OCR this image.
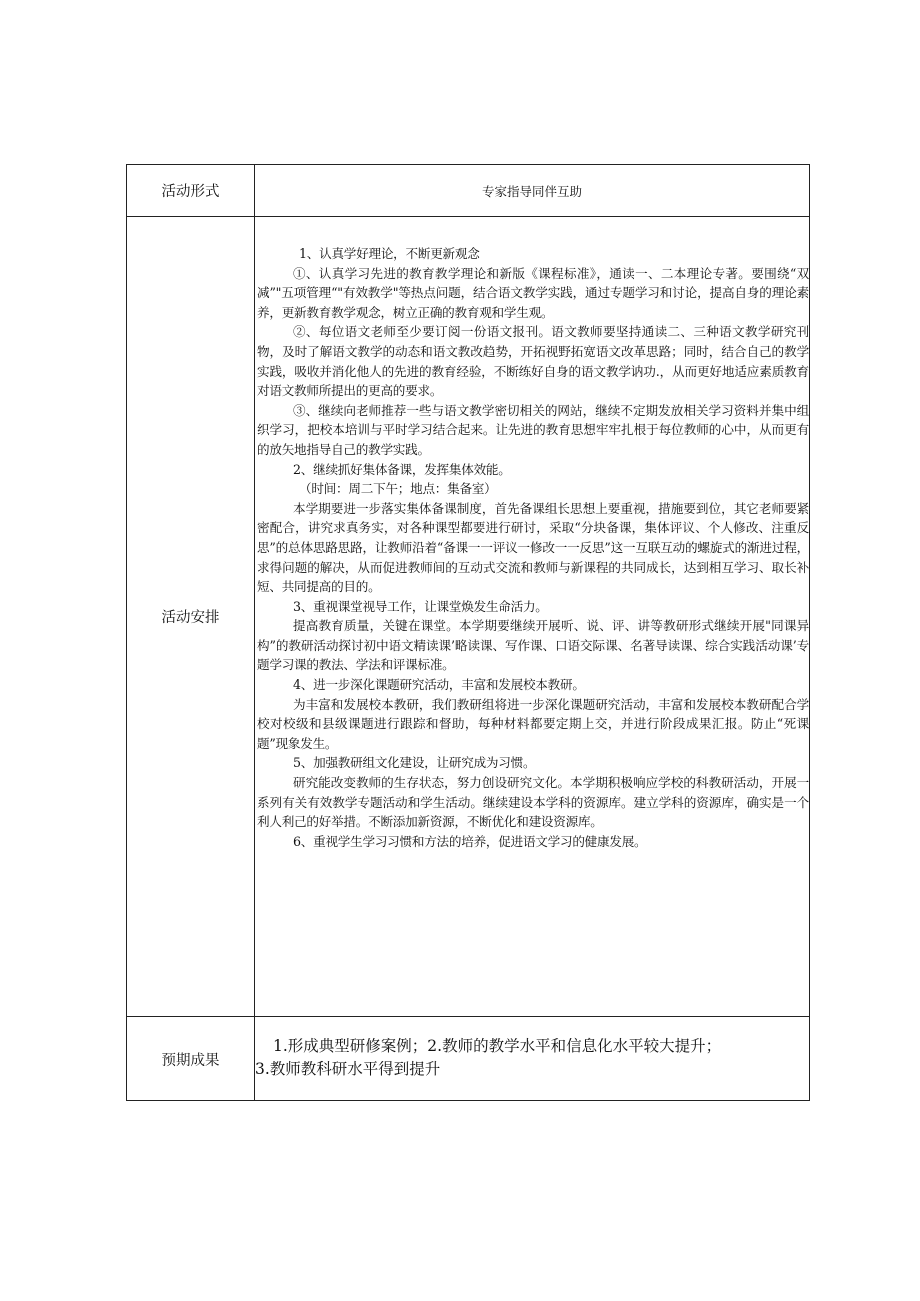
活动形式	专家指导同伴互助
活动安排

1、认真学好理论，不断更新观念

①、认真学习先进的教育教学理论和新版《课程标准》，通读一、二本理论专著。要围绕“双减”"五项管理“"有效教学"等热点问题，结合语文教学实践，通过专题学习和讨论，提高自身的理论素养，更新教育教学观念，树立正确的教育观和学生观。

②、每位语文老师至少要订阅一份语文报刊。语文教师要坚持通读二、三种语文教学研究刊物，及时了解语文教学的动态和语文教改趋势，开拓视野拓宽语文改革思路；同时，结合自己的教学实践，吸收并消化他人的先进的教育经验，不断练好自身的语文教学讷功.，从而更好地适应素质教育对语文教师所提出的更高的要求。

③、继续向老师推荐一些与语文教学密切相关的网站，继续不定期发放相关学习资料并集中组织学习，把校本培训与平时学习结合起来。让先进的教育思想牢牢扎根于每位教师的心中，从而更有的放矢地指导自己的教学实践。

2、继续抓好集体备课，发挥集体效能。

（时间：周二下午；地点：集备室）

本学期要进一步落实集体备课制度，首先备课组长思想上要重视，措施要到位，其它老师要紧密配合，讲究求真务实，对各种课型都要进行研讨，采取“分块备课，集体评议、个人修改、注重反思”的总体思路思路，让教师沿着“备课一一评议一修改一一反思”这一互联互动的螺旋式的渐进过程，求得问题的解决，从而促进教师间的互动式交流和教师与新课程的共同成长，达到相互学习、取长补短、共同提高的目的。

3、重视课堂视导工作，让课堂焕发生命活力。

提高教育质量，关键在课堂。本学期要继续开展听、说、评、讲等教研形式继续开展"同课异构”的教研活动探讨初中语文精读课’略读课、写作课、口语交际课、名著导读课、综合实践活动课’专题学习课的教法、学法和评课标准。

4、进一步深化课题研究活动，丰富和发展校本教研。

为丰富和发展校本教研，我们教研组将进一步深化课题研究活动，丰富和发展校本教研配合学校对校级和县级课题进行跟踪和督助，每种材料都要定期上交，并进行阶段成果汇报。防止“死课题”现象发生。

5、加强教研组文化建设，让研究成为习惯。

研究能改变教师的生存状态，努力创设研究文化。本学期积极响应学校的科教研活动，开展一系列有关有效教学专题活动和学生活动。继续建设本学科的资源库。建立学科的资源库，确实是一个利人利己的好举措。不断添加新资源，不断优化和建设资源库。

6、重视学生学习习惯和方法的培养，促进语文学习的健康发展。

预期成果

1.形成典型研修案例；2.教师的教学水平和信息化水平较大提升；

3.教师教科研水平得到提升
